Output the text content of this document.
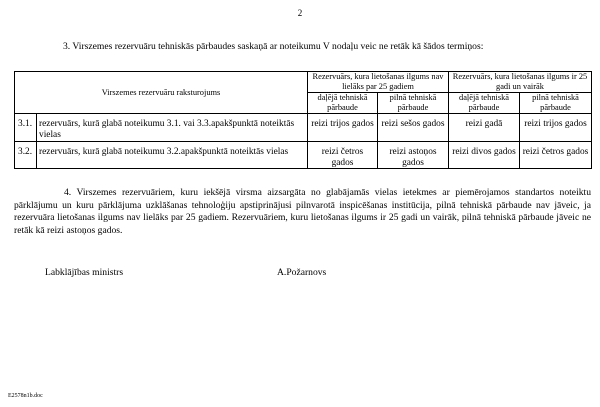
2
3. Virszemes rezervuāru tehniskās pārbaudes saskaņā ar noteikumu V nodaļu veic ne retāk kā šādos termiņos:
Virszemes rezervuāru raksturojums		Rezervuārs, kura lietošanas ilgums nav lielāks par 25 gadiem		Rezervuārs, kura lietošanas ilgums ir 25 gadi un vairāk	
		daļējā tehniskā pārbaude	pilnā tehniskā pārbaude	daļējā tehniskā pārbaude	pilnā tehniskā pārbaude
3.1.	rezervuārs, kurā glabā noteikumu 3.1. vai 3.3.apakšpunktā noteiktās vielas	reizi trijos gados	reizi sešos gados	reizi gadā	reizi trijos gados
3.2.	rezervuārs, kurā glabā noteikumu 3.2.apakšpunktā noteiktās vielas	reizi četros gados	reizi astoņos gados	reizi divos gados	reizi četros gados
4. Virszemes rezervuāriem, kuru iekšējā virsma aizsargāta no glabājamās vielas ietekmes ar piemērojamos standartos noteiktu pārklājumu un kuru pārklājuma uzklāšanas tehnoloģiju apstiprinājusi pilnvarotā inspicēšanas institūcija, pilnā tehniskā pārbaude nav jāveic, ja rezervuāra lietošanas ilgums nav lielāks par 25 gadiem. Rezervuāriem, kuru lietošanas ilgums ir 25 gadi un vairāk, pilnā tehniskā pārbaude jāveic ne retāk kā reizi astoņos gados.
Labklājības ministrs	A.Požarnovs
E2578n1b.doc
